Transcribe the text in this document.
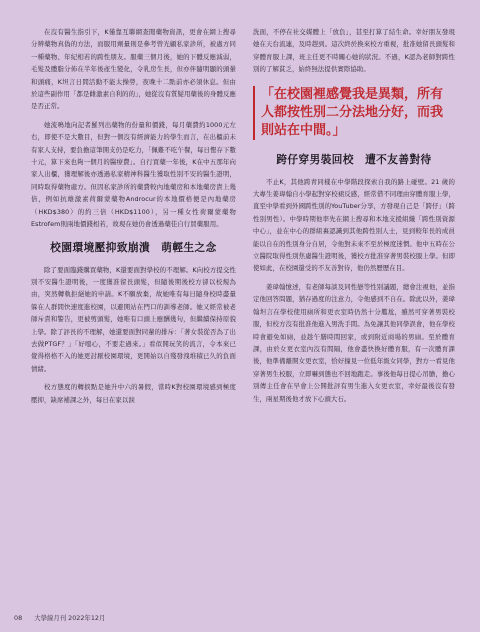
在沒有醫生指引下，K僅靠互聯網查閱藥物資訊，更會在網上搜尋分辨藥物真偽的方法，而服用劑量則是參考曾光顧私家診所，被處方同一種藥物、年紀相若的跨性朋友。服藥三個月後，她的下體反應減弱，毛髮及體脂分佈在半年後產生變化，令乳房生長，但亦伴隨明顯的頭暈和頭痛，K坦言日間活動不能太操勞，夜晚十二點前亦必須休息。但由於這些副作用「都是雌激素自利的的」，她從沒有質疑用藥後的身體反應是否正常。

她流鳴地向記者羅列出藥物的份量和價錢，每月藥費約1000元左右，即使不是大數目，但對一個沒有經濟能力的學生而言，在出櫃前未有家人支持，要負擔這筆開支仍是吃力，「佩難不吃午餐，每日慳存下數十元，算下來也夠一個月的醫療費」。自行買藥一年後，K在中五那年向家人出櫃，獲理解後亦透過私家精神科醫生獲取性別不安的醫生證明，同時取得藥物處方。但因私家診所的藥費較內地藥房和本地藥房貴上幾倍，例如抗雄激素荷爾蒙藥物Androcur的本地價格便是內地藥房（HKD$380）的約三倍（HKD$1100），另一種女性荷爾蒙藥物Estrofem則兩地價錢相若，故現在她仍會透過藥佳自行買藥服用。

校園環境壓抑致崩潰　萌輕生之念

除了要面臨錢購買藥物，K還要面對學校的不理解。K向校方提交性別不安醫生證明後，一度獲准留長頭髮，但隨後期後校方卻以校規為由，突然轉軌拒絕她的申請。K不願放棄，故她唯有每日隨身校時盡量躲在人群間快速度進校園，以避開站在門口的訓導老師。她又經常被老師斥責和警告，更被剪頭髮，她唯有口頭上應酬幾句，但繼續保持原貌上學。除了評長的不理解，她還要面對同輩的排斥：「著女裝從否為了出去做PTGF？」「好噁心，不要走過來。」看似開玩笑的流言，令本來已覺得格格不入的她更討厭校園環境，更開始以自殘發洩堆積已久的負面情緒。

校方態度的轉捩點是她升中六的暑假，當時K對校園環境感到極度壓抑，缺席補課之外，每日在家以淚

洗面，不停在社交媒體上「放負」，甚至打算了結生命。幸好朋友發現她在天台流連，及時趕到。這次終於換來校方重視，批准她留長頭髮和穿體育服上課，班主任更不時關心她的狀況。不過，K認為老師對跨性別的了解貧乏，始終無法提供實際協助。

「在校園裡感覺我是異類，所有人都按性別二分法地分好，而我則站在中間。」
跨仔穿男裝回校　遭不友善對待

不止K，其他跨青同樣在中學階段探索自我的路上碰壁。21 歲的大專生姜瑋翰自小學起對穿校裙反感，經常借不同理由穿體育服上學，直至中學看到外國跨性別的YouTuber分享，方發現自己是「跨仔」（跨性別男性）。中學時期他率先在網上搜尋和本地支援組織「跨性別資源中心」，並在中心的群組裏認識到其他跨性別人士，見到較年長的成員能以自在的性別身分自居，令他對未來不至於極度迷惘。他中五時在公立醫院取得性別焦慮醫生證明後，獲校方批准穿著男裝校服上學。但即使如此，在校園還受的不友善對待，他仍然歷歷在目。

姜瑋翰憶述，有老師每談及同性戀等性別議題，總會注視他，並指定他回答問題，猶存過度的注意力，令他感到不自在。除此以外，姜瑋翰坦言在學校使用廁所和更衣室時仍然十分尷尬，雖然可穿著男裝校服，但校方沒有批准他進入男洗手間。為免讓其他同學誤會，他在學校時會避免如廁，並趁午膳時間回家，或到附近商場的男廁。至於體育課，由於女更衣室內沒有間隔，他會盡快換好體育服，有一次體育課後，他準備離開女更衣室，恰好撞見一位低年級女同學，對方一看見他穿著男生校服，立即嚇到態也不回地跑走。事後他每日提心吊膽，擔心別傳主任會在早會上公開批評有男生進入女更衣室，幸好最後沒有發生，兩星期後他才放下心頭大石。

08 大學線月刊 2022年12月
